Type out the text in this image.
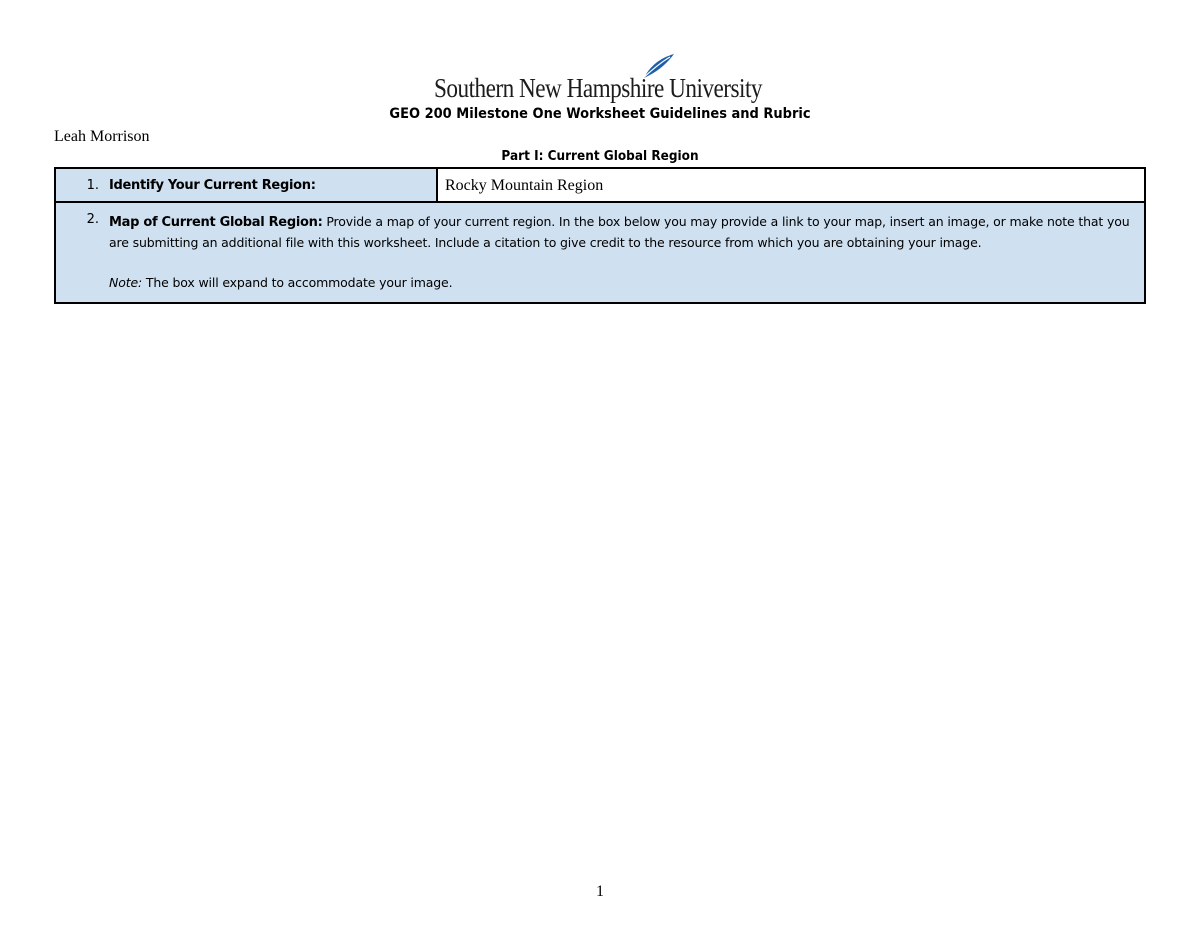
Southern New Hampshire University
GEO 200 Milestone One Worksheet Guidelines and Rubric
Leah Morrison
Part I: Current Global Region
1. Identify Your Current Region:	Rocky Mountain Region

2. Map of Current Global Region: Provide a map of your current region. In the box below you may provide a link to your map, insert an image, or make note that you are submitting an additional file with this worksheet. Include a citation to give credit to the resource from which you are obtaining your image.
Note: The box will expand to accommodate your image.
1
